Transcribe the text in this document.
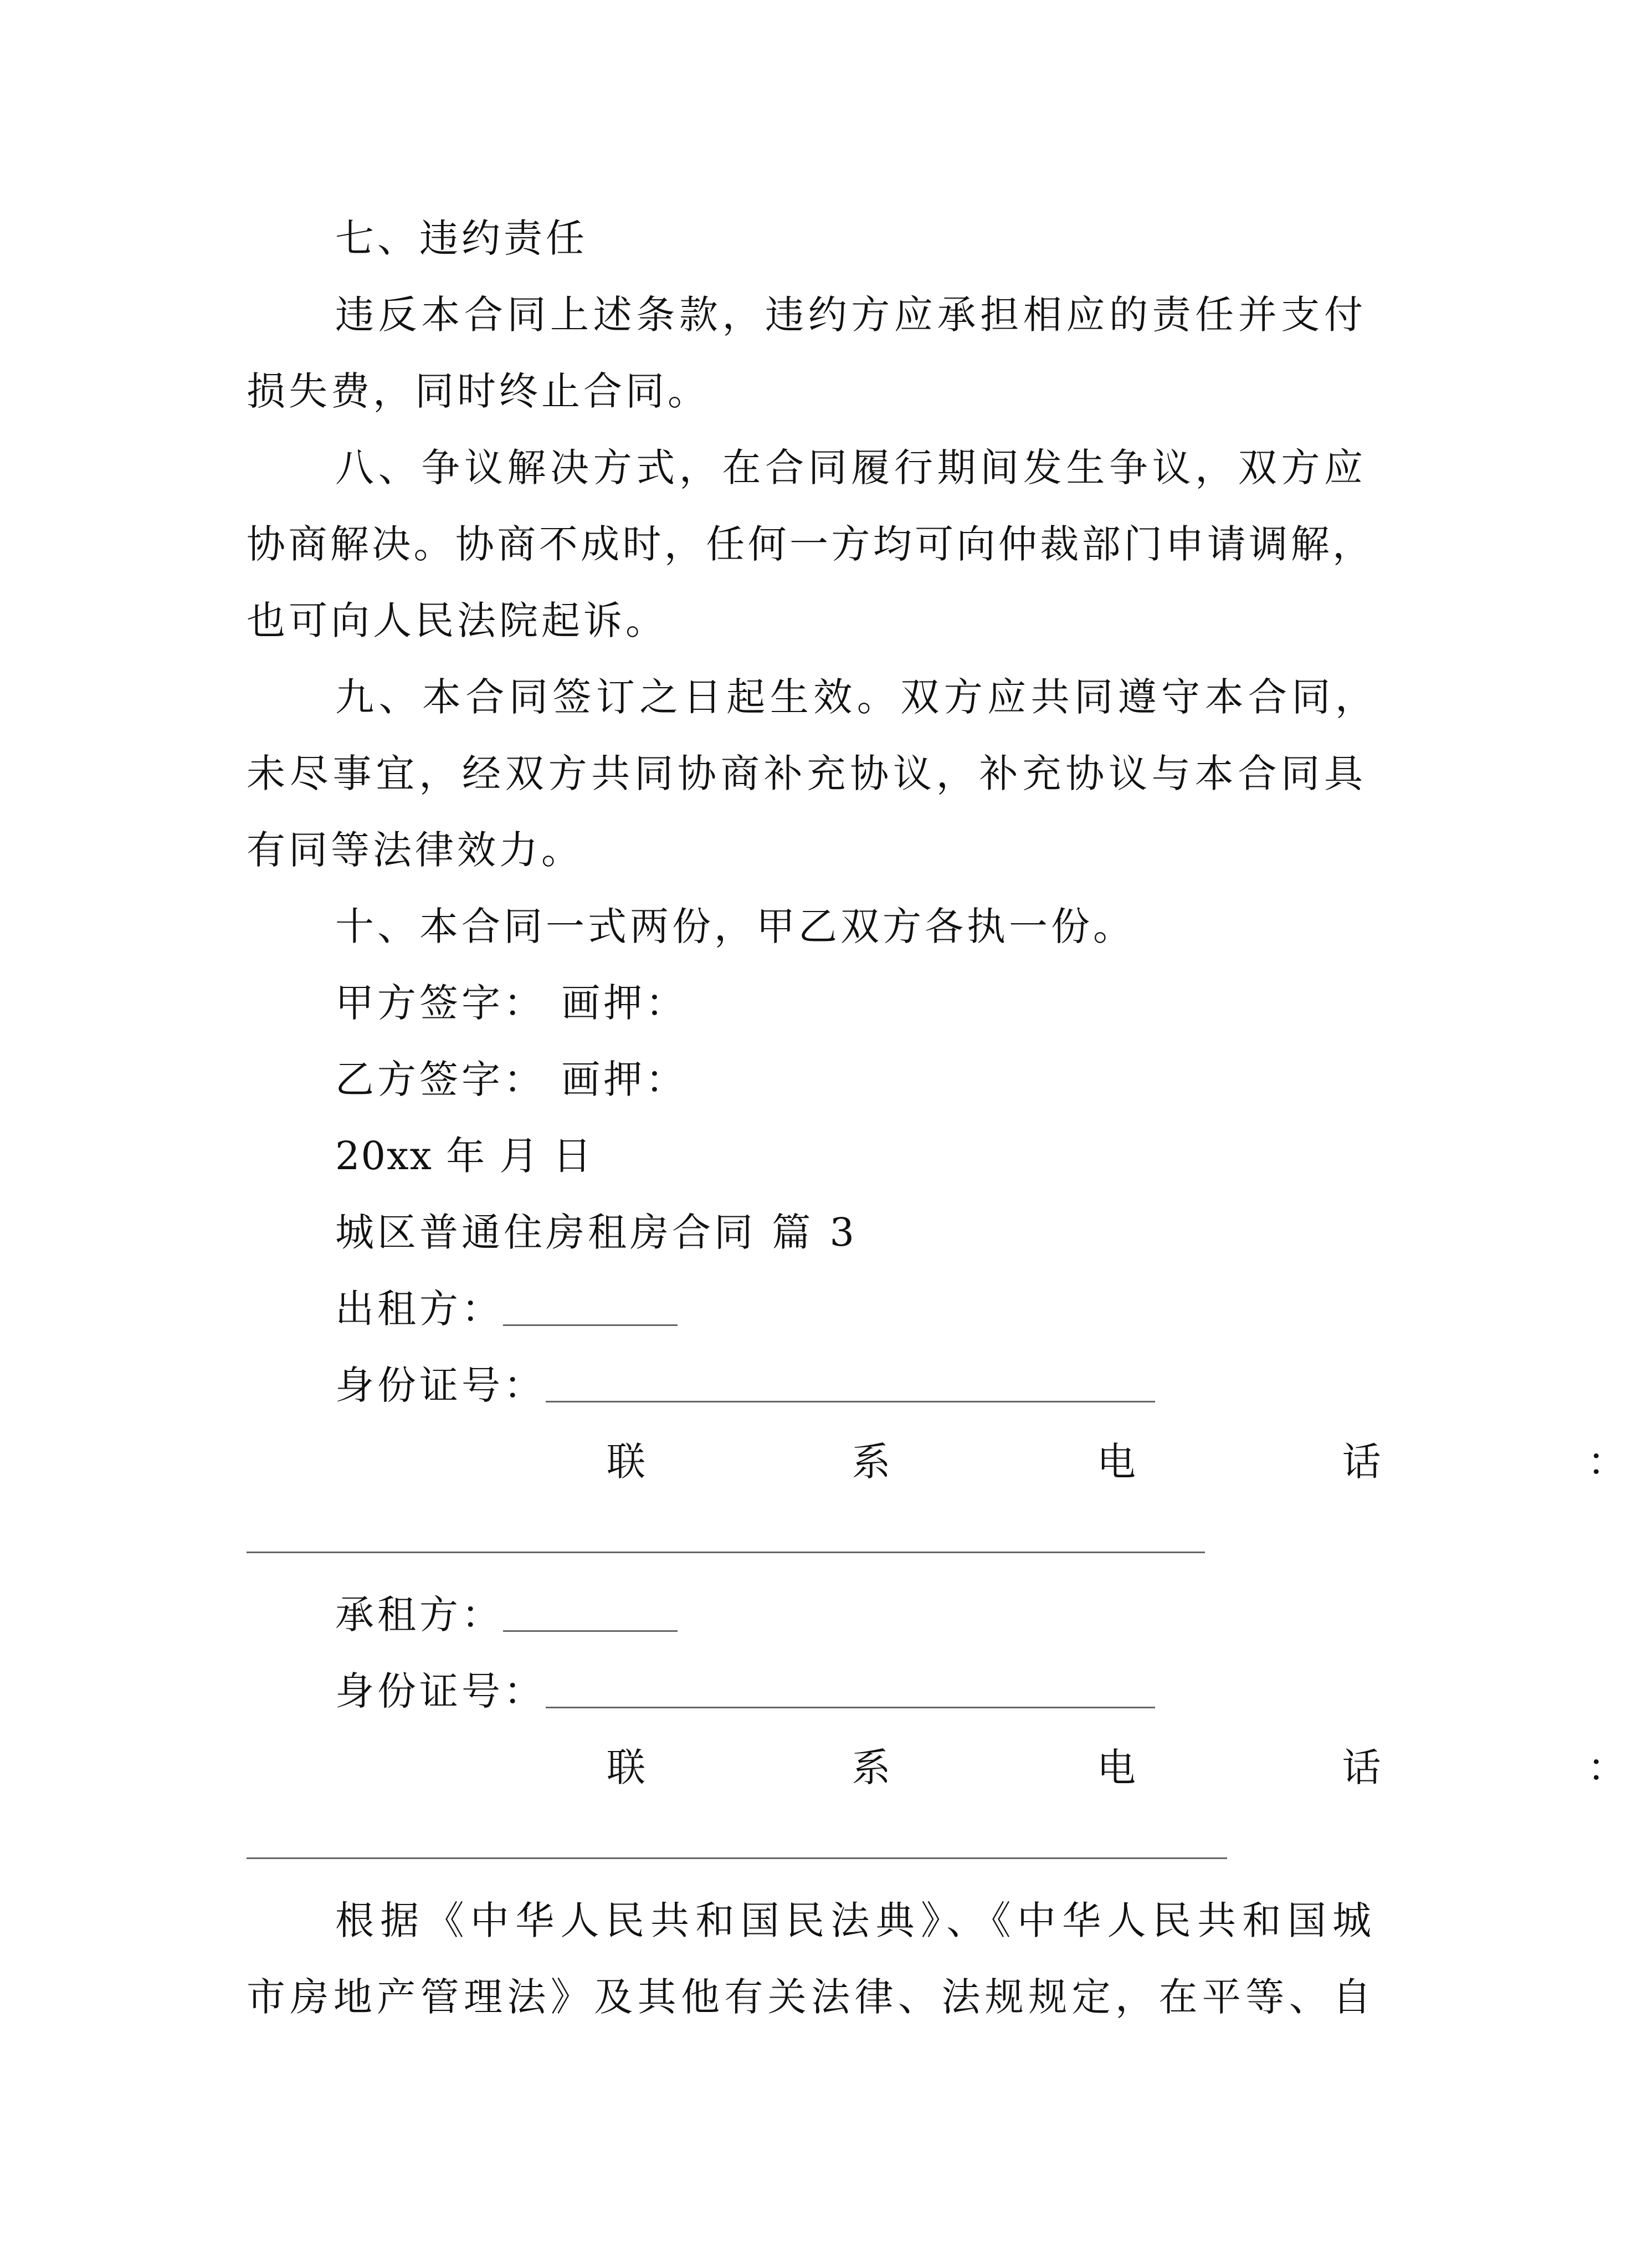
七、违约责任
违反本合同上述条款，违约方应承担相应的责任并支付
损失费，同时终止合同。
八、争议解决方式，在合同履行期间发生争议，双方应
协商解决。协商不成时，任何一方均可向仲裁部门申请调解，
也可向人民法院起诉。
九、本合同签订之日起生效。双方应共同遵守本合同，
未尽事宜，经双方共同协商补充协议，补充协议与本合同具
有同等法律效力。
十、本合同一式两份，甲乙双方各执一份。
甲方签字： 画押：
乙方签字： 画押：
20xx 年 月 日
城区普通住房租房合同 篇 3
出租方：
身份证号：
联	系	电	话	：
承租方：
身份证号：
联	系	电	话	：
根据《中华人民共和国民法典》、《中华人民共和国城
市房地产管理法》及其他有关法律、法规规定，在平等、自
